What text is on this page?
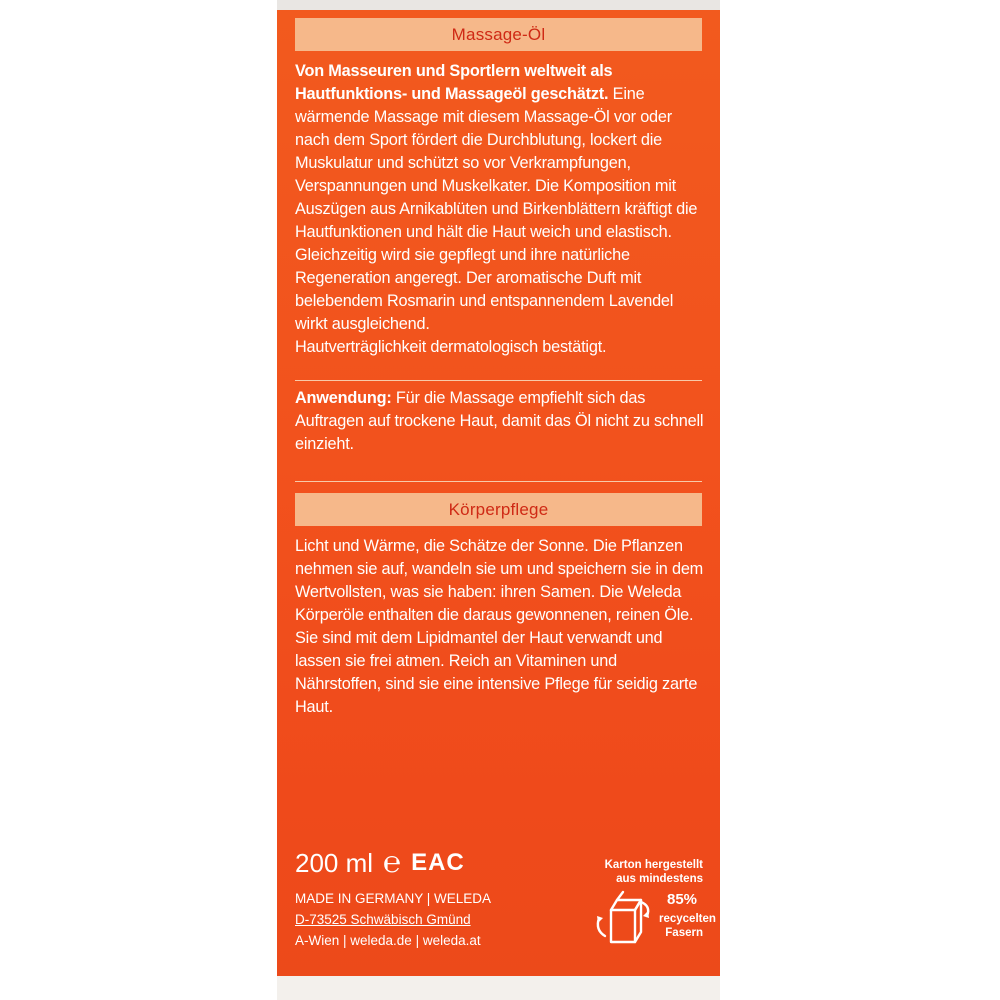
Massage-Öl
Von Masseuren und Sportlern weltweit als Hautfunktions- und Massageöl geschätzt. Eine wärmende Massage mit diesem Massage-Öl vor oder nach dem Sport fördert die Durchblutung, lockert die Muskulatur und schützt so vor Verkrampfungen, Verspannungen und Muskelkater. Die Komposition mit Auszügen aus Arnikablüten und Birkenblättern kräftigt die Hautfunktionen und hält die Haut weich und elastisch. Gleichzeitig wird sie gepflegt und ihre natürliche Regeneration angeregt. Der aromatische Duft mit belebendem Rosmarin und entspannendem Lavendel wirkt ausgleichend.
Hautverträglichkeit dermatologisch bestätigt.
Anwendung: Für die Massage empfiehlt sich das Auftragen auf trockene Haut, damit das Öl nicht zu schnell einzieht.
Körperpflege
Licht und Wärme, die Schätze der Sonne. Die Pflanzen nehmen sie auf, wandeln sie um und speichern sie in dem Wertvollsten, was sie haben: ihren Samen. Die Weleda Körperöle enthalten die daraus gewonnenen, reinen Öle. Sie sind mit dem Lipidmantel der Haut verwandt und lassen sie frei atmen. Reich an Vitaminen und Nährstoffen, sind sie eine intensive Pflege für seidig zarte Haut.
200 ml ℮ EAC
MADE IN GERMANY | WELEDA
D-73525 Schwäbisch Gmünd
A-Wien | weleda.de | weleda.at
Karton hergestellt
aus mindestens
85%
recycelten
Fasern
